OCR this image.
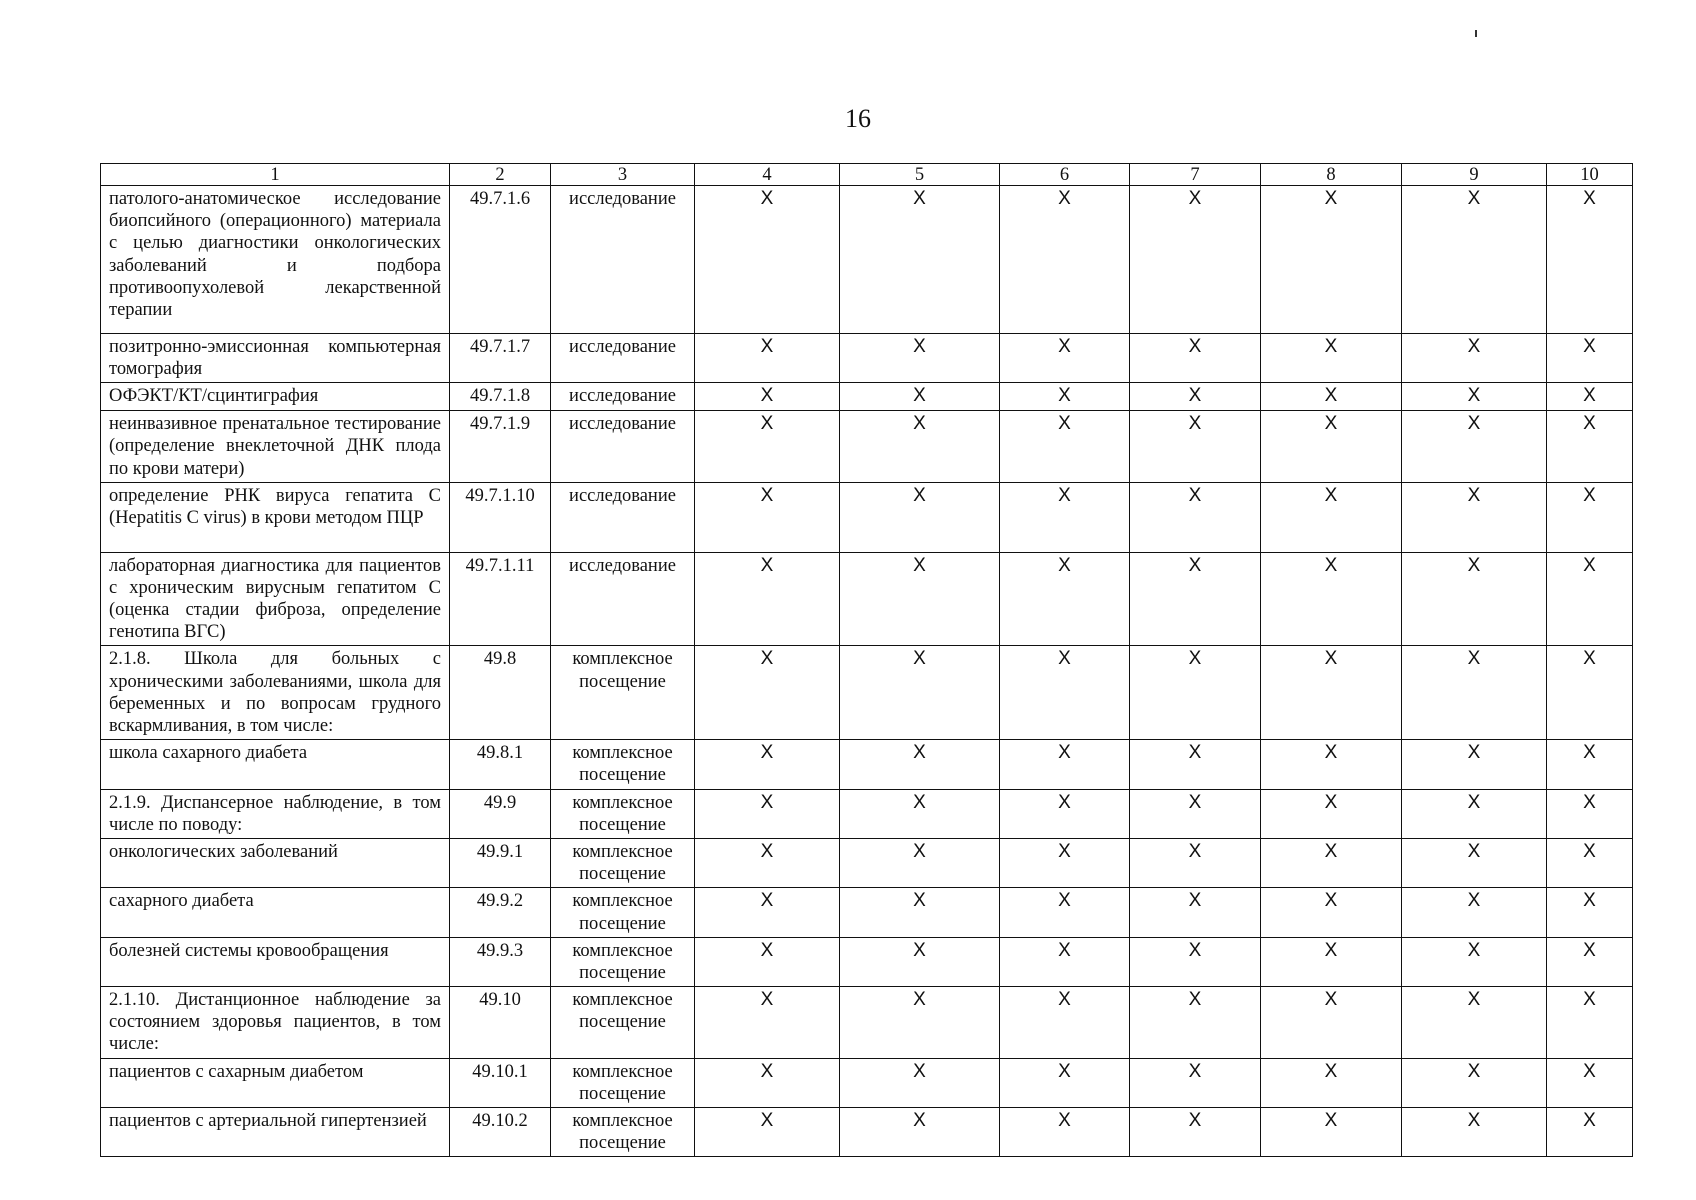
16
1	2	3	4	5	6	7	8	9	10
патолого-анатомическое исследование биопсийного (операционного) материала с целью диагностики онкологических заболеваний и подбора противоопухолевой лекарственной терапии	49.7.1.6	исследование	X	X	X	X	X	X	X
позитронно-эмиссионная компьютерная томография	49.7.1.7	исследование	X	X	X	X	X	X	X
ОФЭКТ/КТ/сцинтиграфия	49.7.1.8	исследование	X	X	X	X	X	X	X
неинвазивное пренатальное тестирование (определение внеклеточной ДНК плода по крови матери)	49.7.1.9	исследование	X	X	X	X	X	X	X
определение РНК вируса гепатита С (Hepatitis C virus) в крови методом ПЦР	49.7.1.10	исследование	X	X	X	X	X	X	X
лабораторная диагностика для пациентов с хроническим вирусным гепатитом С (оценка стадии фиброза, определение генотипа ВГС)	49.7.1.11	исследование	X	X	X	X	X	X	X
2.1.8. Школа для больных с хроническими заболеваниями, школа для беременных и по вопросам грудного вскармливания, в том числе:	49.8	комплексное посещение	X	X	X	X	X	X	X
школа сахарного диабета	49.8.1	комплексное посещение	X	X	X	X	X	X	X
2.1.9. Диспансерное наблюдение, в том числе по поводу:	49.9	комплексное посещение	X	X	X	X	X	X	X
онкологических заболеваний	49.9.1	комплексное посещение	X	X	X	X	X	X	X
сахарного диабета	49.9.2	комплексное посещение	X	X	X	X	X	X	X
болезней системы кровообращения	49.9.3	комплексное посещение	X	X	X	X	X	X	X
2.1.10. Дистанционное наблюдение за состоянием здоровья пациентов, в том числе:	49.10	комплексное посещение	X	X	X	X	X	X	X
пациентов с сахарным диабетом	49.10.1	комплексное посещение	X	X	X	X	X	X	X
пациентов с артериальной гипертензией	49.10.2	комплексное посещение	X	X	X	X	X	X	X
